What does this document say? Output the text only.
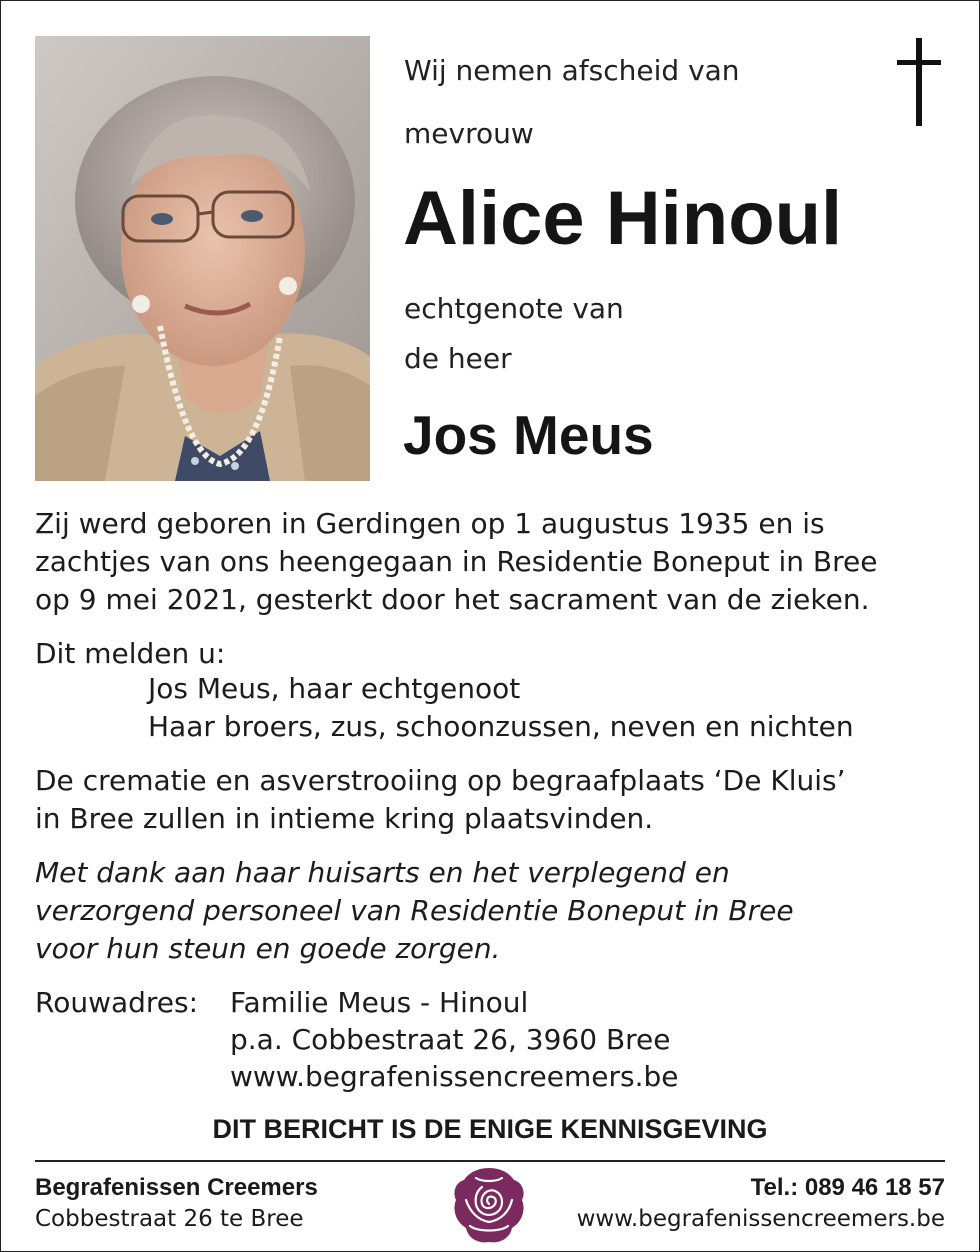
Wij nemen afscheid van
mevrouw
Alice Hinoul
echtgenote van
de heer
Jos Meus
Zij werd geboren in Gerdingen op 1 augustus 1935 en is
zachtjes van ons heengegaan in Residentie Boneput in Bree
op 9 mei 2021, gesterkt door het sacrament van de zieken.
Dit melden u:
Jos Meus, haar echtgenoot
Haar broers, zus, schoonzussen, neven en nichten
De crematie en asverstrooiing op begraafplaats ‘De Kluis’
in Bree zullen in intieme kring plaatsvinden.
Met dank aan haar huisarts en het verplegend en
verzorgend personeel van Residentie Boneput in Bree
voor hun steun en goede zorgen.
Rouwadres: Familie Meus - Hinoul
p.a. Cobbestraat 26, 3960 Bree
www.begrafenissencreemers.be
DIT BERICHT IS DE ENIGE KENNISGEVING
Begrafenissen Creemers
Cobbestraat 26 te Bree
Tel.: 089 46 18 57
www.begrafenissencreemers.be
